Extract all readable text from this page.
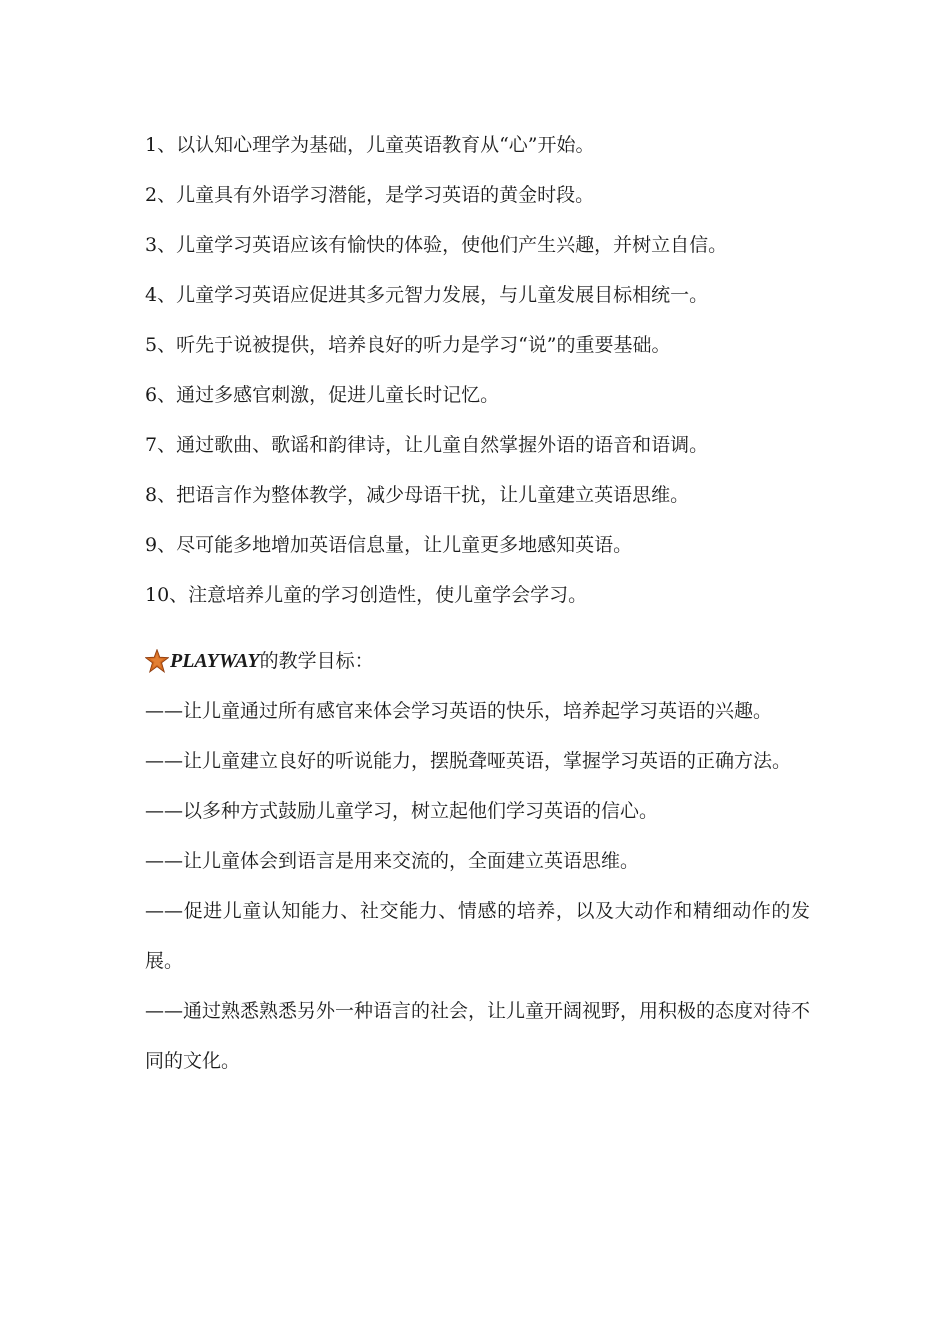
1、以认知心理学为基础，儿童英语教育从“心”开始。
2、儿童具有外语学习潜能，是学习英语的黄金时段。
3、儿童学习英语应该有愉快的体验，使他们产生兴趣，并树立自信。
4、儿童学习英语应促进其多元智力发展，与儿童发展目标相统一。
5、听先于说被提供，培养良好的听力是学习“说”的重要基础。
6、通过多感官刺激，促进儿童长时记忆。
7、通过歌曲、歌谣和韵律诗，让儿童自然掌握外语的语音和语调。
8、把语言作为整体教学，减少母语干扰，让儿童建立英语思维。
9、尽可能多地增加英语信息量，让儿童更多地感知英语。
10、注意培养儿童的学习创造性，使儿童学会学习。
PLAYWAY 的教学目标：
——让儿童通过所有感官来体会学习英语的快乐，培养起学习英语的兴趣。
——让儿童建立良好的听说能力，摆脱聋哑英语，掌握学习英语的正确方法。
——以多种方式鼓励儿童学习，树立起他们学习英语的信心。
——让儿童体会到语言是用来交流的，全面建立英语思维。
——促进儿童认知能力、社交能力、情感的培养，以及大动作和精细动作的发展。
——通过熟悉熟悉另外一种语言的社会，让儿童开阔视野，用积极的态度对待不同的文化。
